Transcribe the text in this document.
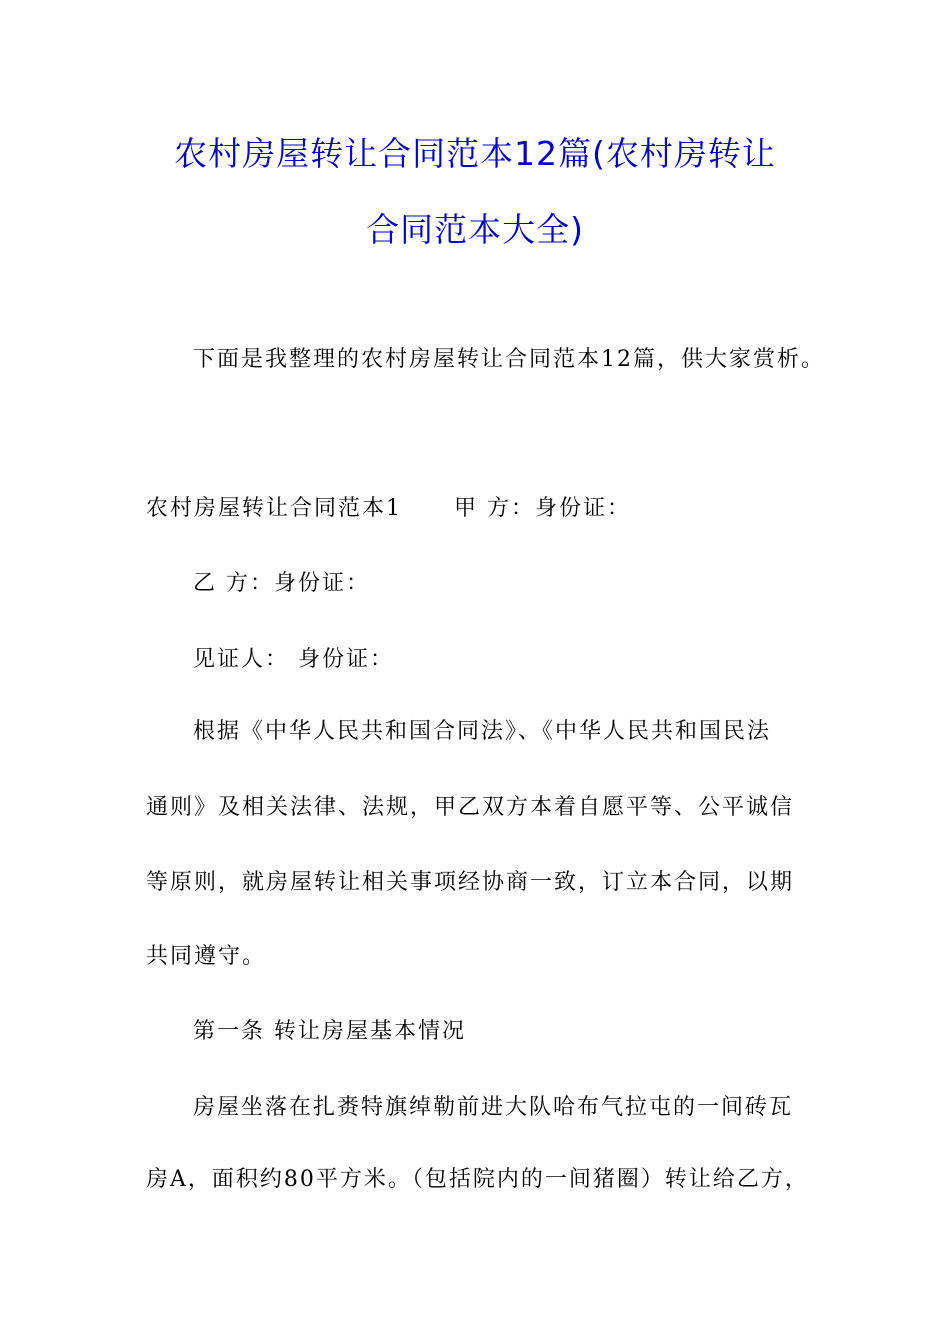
农村房屋转让合同范本12篇(农村房转让
合同范本大全)

下面是我整理的农村房屋转让合同范本12篇，供大家赏析。

农村房屋转让合同范本1 甲 方：身份证：

乙 方：身份证：

见证人： 身份证：

根据《中华人民共和国合同法》、《中华人民共和国民法

通则》及相关法律、法规，甲乙双方本着自愿平等、公平诚信

等原则，就房屋转让相关事项经协商一致，订立本合同，以期

共同遵守。

第一条 转让房屋基本情况

房屋坐落在扎赉特旗绰勒前进大队哈布气拉屯的一间砖瓦

房A，面积约80平方米。（包括院内的一间猪圈）转让给乙方，
